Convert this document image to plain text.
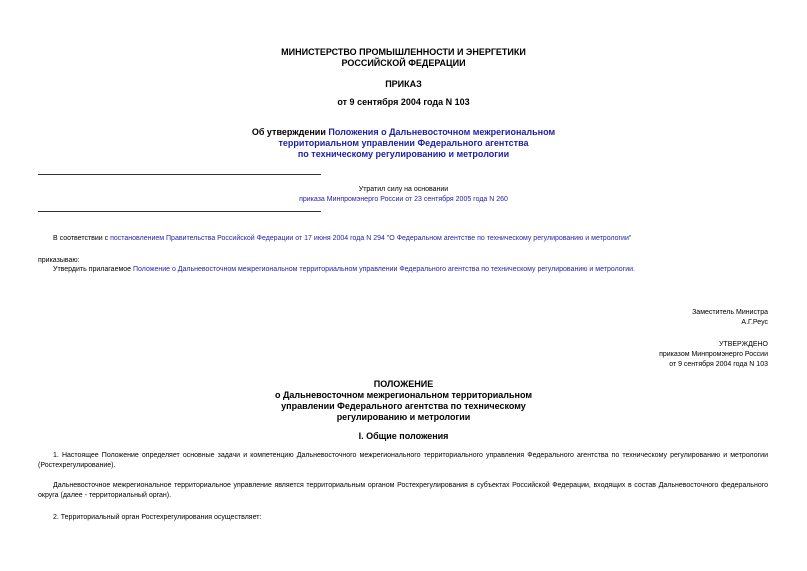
МИНИСТЕРСТВО ПРОМЫШЛЕННОСТИ И ЭНЕРГЕТИКИ
РОССИЙСКОЙ ФЕДЕРАЦИИ
ПРИКАЗ
от 9 сентября 2004 года N 103
Об утверждении Положения о Дальневосточном межрегиональном
территориальном управлении Федерального агентства
по техническому регулированию и метрологии
Утратил силу на основании
приказа Минпромэнерго России от 23 сентября 2005 года N 260
В соответствии с постановлением Правительства Российской Федерации от 17 июня 2004 года N 294 "О Федеральном агентстве по техническому регулированию и метрологии"
приказываю:
Утвердить прилагаемое Положение о Дальневосточном межрегиональном территориальном управлении Федерального агентства по техническому регулированию и метрологии.
Заместитель Министра
А.Г.Реус
УТВЕРЖДЕНО
приказом Минпромэнерго России
от 9 сентября 2004 года N 103
ПОЛОЖЕНИЕ
о Дальневосточном межрегиональном территориальном
управлении Федерального агентства по техническому
регулированию и метрологии
I. Общие положения
1. Настоящее Положение определяет основные задачи и компетенцию Дальневосточного межрегионального территориального управления Федерального агентства по техническому регулированию и метрологии (Ростехрегулирование).
Дальневосточное межрегиональное территориальное управление является территориальным органом Ростехрегулирования в субъектах Российской Федерации, входящих в состав Дальневосточного федерального округа (далее - территориальный орган).
2. Территориальный орган Ростехрегулирования осуществляет:
